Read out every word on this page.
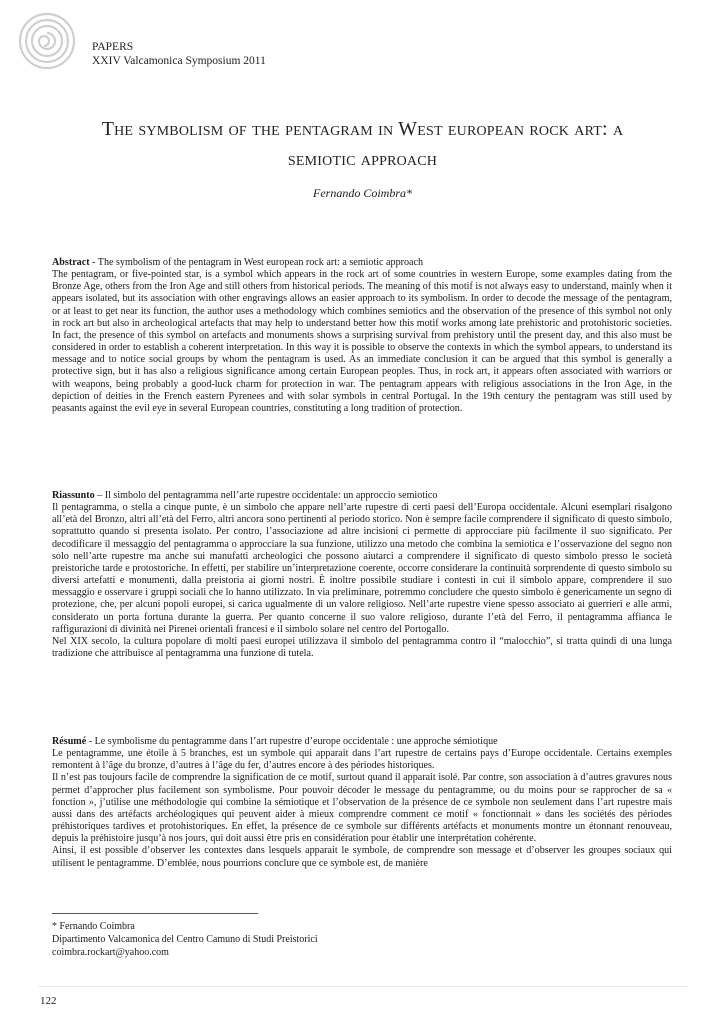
PAPERS
XXIV Valcamonica Symposium 2011
The symbolism of the pentagram in West european rock art: a
semiotic approach
Fernando Coimbra*

Abstract - The symbolism of the pentagram in West european rock art: a semiotic approach

The pentagram, or five-pointed star, is a symbol which appears in the rock art of some countries in western Europe, some examples dating from the Bronze Age, others from the Iron Age and still others from historical periods. The meaning of this motif is not always easy to understand, mainly when it appears isolated, but its association with other engravings allows an easier approach to its symbolism. In order to decode the message of the pentagram, or at least to get near its function, the author uses a methodology which combines semiotics and the observation of the presence of this symbol not only in rock art but also in archeological artefacts that may help to understand better how this motif works among late prehistoric and protohistoric societies. In fact, the presence of this symbol on artefacts and monuments shows a surprising survival from prehistory until the present day, and this also must be considered in order to establish a coherent interpretation. In this way it is possible to observe the contexts in which the symbol appears, to understand its message and to notice social groups by whom the pentagram is used. As an immediate conclusion it can be argued that this symbol is generally a protective sign, but it has also a religious significance among certain European peoples. Thus, in rock art, it appears often associated with warriors or with weapons, being probably a good-luck charm for protection in war. The pentagram appears with religious associations in the Iron Age, in the depiction of deities in the French eastern Pyrenees and with solar symbols in central Portugal. In the 19th century the pentagram was still used by peasants against the evil eye in several European countries, constituting a long tradition of protection.

Riassunto – Il simbolo del pentagramma nell’arte rupestre occidentale: un approccio semiotico

Il pentagramma, o stella a cinque punte, è un simbolo che appare nell’arte rupestre di certi paesi dell’Europa occidentale. Alcuni esemplari risalgono all’età del Bronzo, altri all’età del Ferro, altri ancora sono pertinenti al periodo storico. Non è sempre facile comprendere il significato di questo simbolo, soprattutto quando si presenta isolato. Per contro, l’associazione ad altre incisioni ci permette di approcciare più facilmente il suo significato. Per decodificare il messaggio del pentagramma o approcciare la sua funzione, utilizzo una metodo che combina la semiotica e l’osservazione del segno non solo nell’arte rupestre ma anche sui manufatti archeologici che possono aiutarci a comprendere il significato di questo simbolo presso le società preistoriche tarde e protostoriche. In effetti, per stabilire un’interpretazione coerente, occorre considerare la continuità sorprendente di questo simbolo su diversi artefatti e monumenti, dalla preistoria ai giorni nostri. È inoltre possibile studiare i contesti in cui il simbolo appare, comprendere il suo messaggio e osservare i gruppi sociali che lo hanno utilizzato. In via preliminare, potremmo concludere che questo simbolo è genericamente un segno di protezione, che, per alcuni popoli europei, si carica ugualmente di un valore religioso. Nell’arte rupestre viene spesso associato ai guerrieri e alle armi, considerato un porta fortuna durante la guerra. Per quanto concerne il suo valore religioso, durante l’età del Ferro, il pentagramma affianca le raffigurazioni di divinità nei Pirenei orientali francesi e il simbolo solare nel centro del Portogallo.

Nel XIX secolo, la cultura popolare di molti paesi europei utilizzava il simbolo del pentagramma contro il “malocchio”, si tratta quindi di una lunga tradizione che attribuisce al pentagramma una funzione di tutela.

Résumé - Le symbolisme du pentagramme dans l’art rupestre d’europe occidentale : une approche sémiotique

Le pentagramme, une étoile à 5 branches, est un symbole qui apparait dans l’art rupestre de certains pays d’Europe occidentale. Certains exemples remontent à l’âge du bronze, d’autres à l’âge du fer, d’autres encore à des périodes historiques.

Il n’est pas toujours facile de comprendre la signification de ce motif, surtout quand il apparait isolé. Par contre, son association à d’autres gravures nous permet d’approcher plus facilement son symbolisme. Pour pouvoir décoder le message du pentagramme, ou du moins pour se rapprocher de sa « fonction », j’utilise une méthodologie qui combine la sémiotique et l’observation de la présence de ce symbole non seulement dans l’art rupestre mais aussi dans des artéfacts archéologiques qui peuvent aider à mieux comprendre comment ce motif « fonctionnait » dans les sociétés des périodes préhistoriques tardives et protohistoriques. En effet, la présence de ce symbole sur différents artéfacts et monuments montre un étonnant renouveau, depuis la préhistoire jusqu’à nos jours, qui doit aussi être pris en considération pour établir une interprétation cohérente.

Ainsi, il est possible d’observer les contextes dans lesquels apparait le symbole, de comprendre son message et d’observer les groupes sociaux qui utilisent le pentagramme. D’emblée, nous pourrions conclure que ce symbole est, de manière

* Fernando Coimbra
Dipartimento Valcamonica del Centro Camuno di Studi Preistorici
coimbra.rockart@yahoo.com
122
